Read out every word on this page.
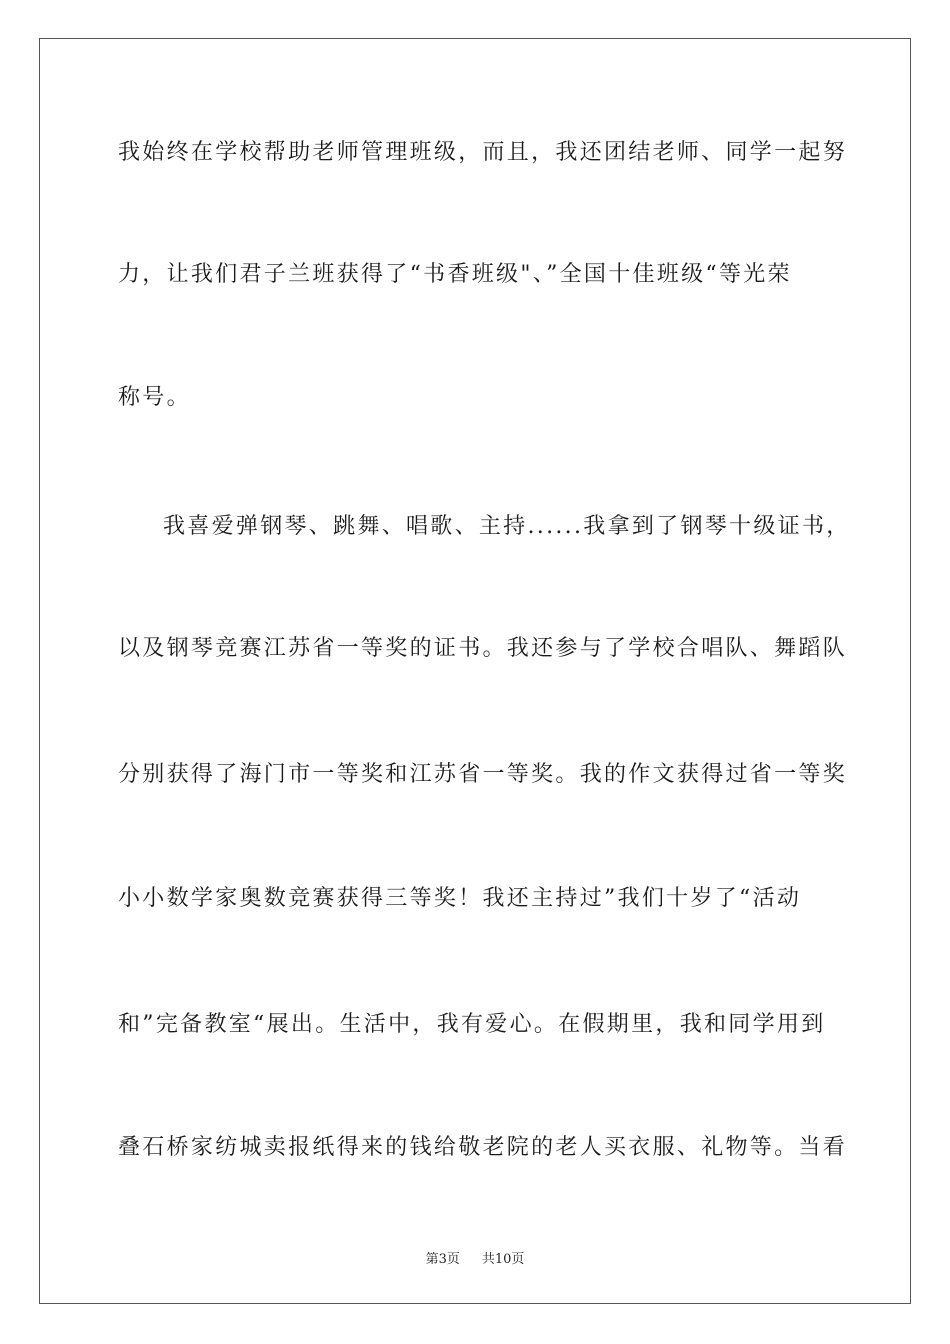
我始终在学校帮助老师管理班级，而且，我还团结老师、同学一起努
力，让我们君子兰班获得了“书香班级"、”全国十佳班级“等光荣
称号。
我喜爱弹钢琴、跳舞、唱歌、主持......我拿到了钢琴十级证书，
以及钢琴竞赛江苏省一等奖的证书。我还参与了学校合唱队、舞蹈队
分别获得了海门市一等奖和江苏省一等奖。我的作文获得过省一等奖
小小数学家奥数竞赛获得三等奖！我还主持过”我们十岁了“活动
和”完备教室“展出。生活中，我有爱心。在假期里，我和同学用到
叠石桥家纺城卖报纸得来的钱给敬老院的老人买衣服、礼物等。当看
第3页 共10页
